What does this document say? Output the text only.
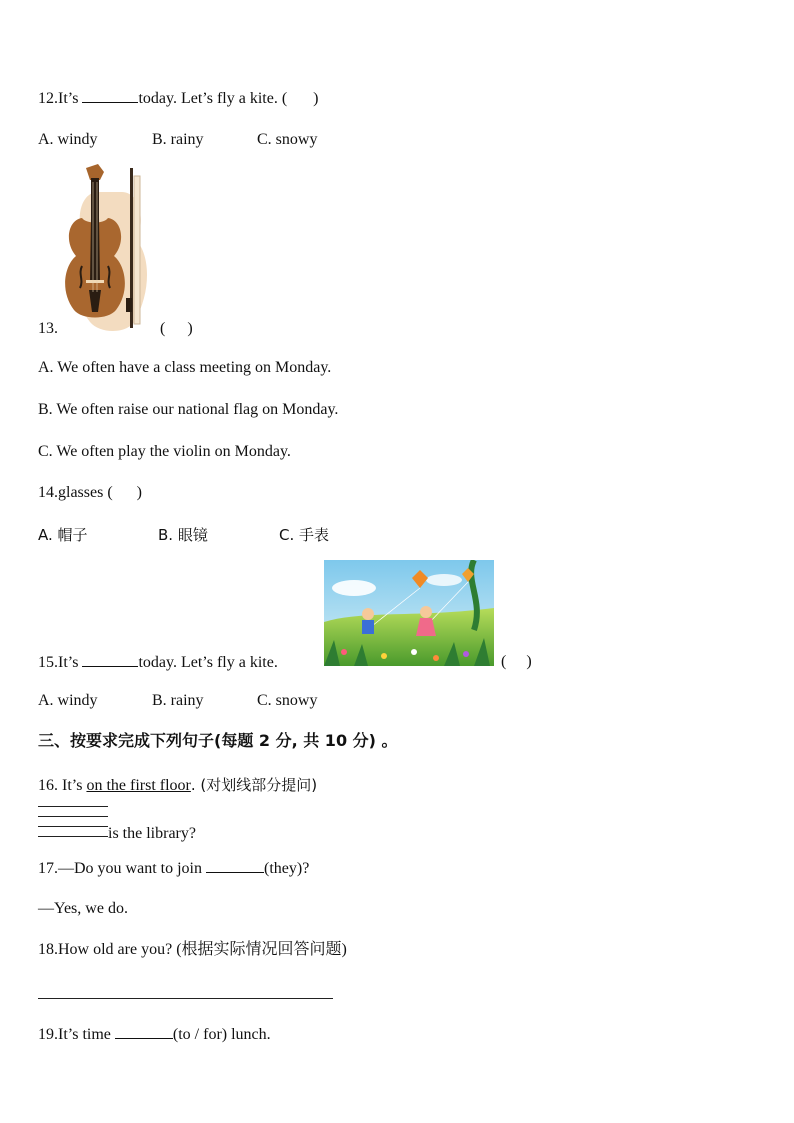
12.It’s	today. Let’s fly a kite. ( )
A. windy	B. rainy	C. snowy
13.	( )
A. We often have a class meeting on Monday.
B. We often raise our national flag on Monday.
C. We often play the violin on Monday.
14.glasses ( )
A. 帽子	B. 眼镜	C. 手表
15.It’s	today. Let’s fly a kite.	( )
A. windy	B. rainy	C. snowy
三、按要求完成下列句子(每题 2 分, 共 10 分) 。
16. It’s on the first floor. (对划线部分提问)
is the library?
17.—Do you want to join	(they)?
—Yes, we do.
18.How old are you? (根据实际情况回答问题)
19.It’s time	(to / for) lunch.
